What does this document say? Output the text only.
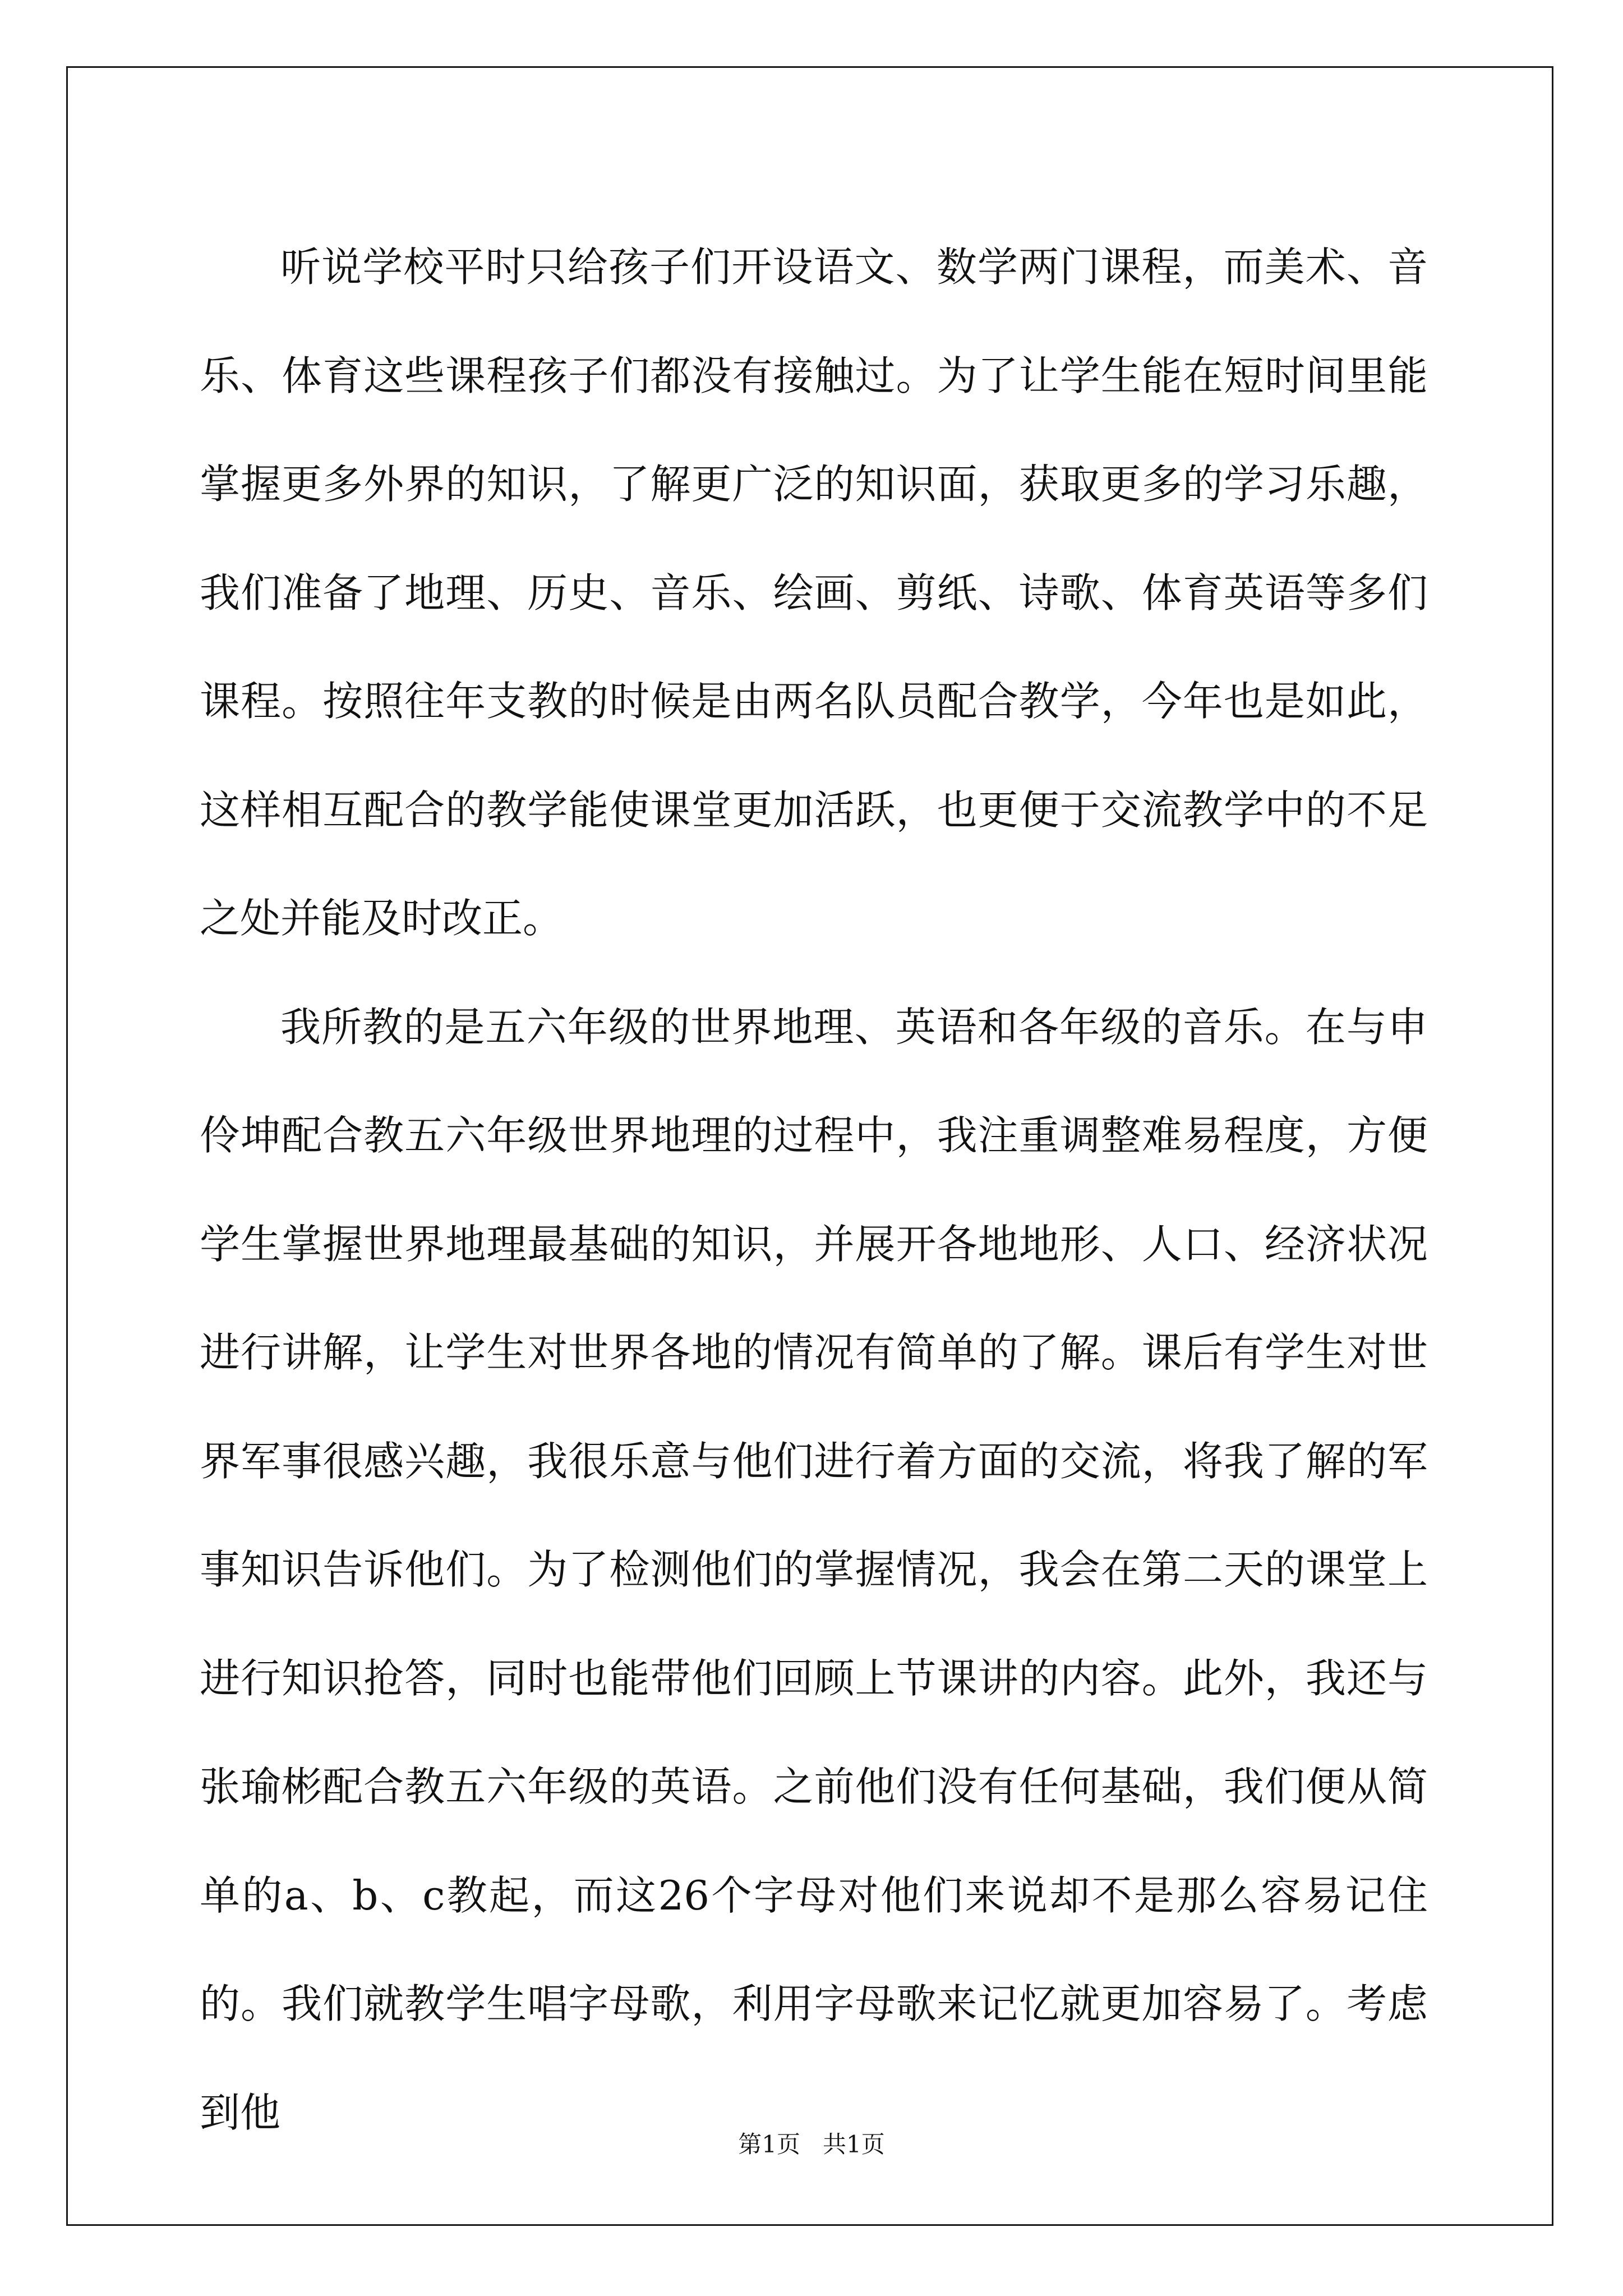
听说学校平时只给孩子们开设语文、数学两门课程，而美术、音乐、体育这些课程孩子们都没有接触过。为了让学生能在短时间里能掌握更多外界的知识，了解更广泛的知识面，获取更多的学习乐趣，我们准备了地理、历史、音乐、绘画、剪纸、诗歌、体育英语等多们课程。按照往年支教的时候是由两名队员配合教学，今年也是如此，这样相互配合的教学能使课堂更加活跃，也更便于交流教学中的不足之处并能及时改正。

我所教的是五六年级的世界地理、英语和各年级的音乐。在与申伶坤配合教五六年级世界地理的过程中，我注重调整难易程度，方便学生掌握世界地理最基础的知识，并展开各地地形、人口、经济状况进行讲解，让学生对世界各地的情况有简单的了解。课后有学生对世界军事很感兴趣，我很乐意与他们进行着方面的交流，将我了解的军事知识告诉他们。为了检测他们的掌握情况，我会在第二天的课堂上进行知识抢答，同时也能带他们回顾上节课讲的内容。此外，我还与张瑜彬配合教五六年级的英语。之前他们没有任何基础，我们便从简单的a、b、c教起，而这26个字母对他们来说却不是那么容易记住的。我们就教学生唱字母歌，利用字母歌来记忆就更加容易了。考虑到他

第1页 共1页
